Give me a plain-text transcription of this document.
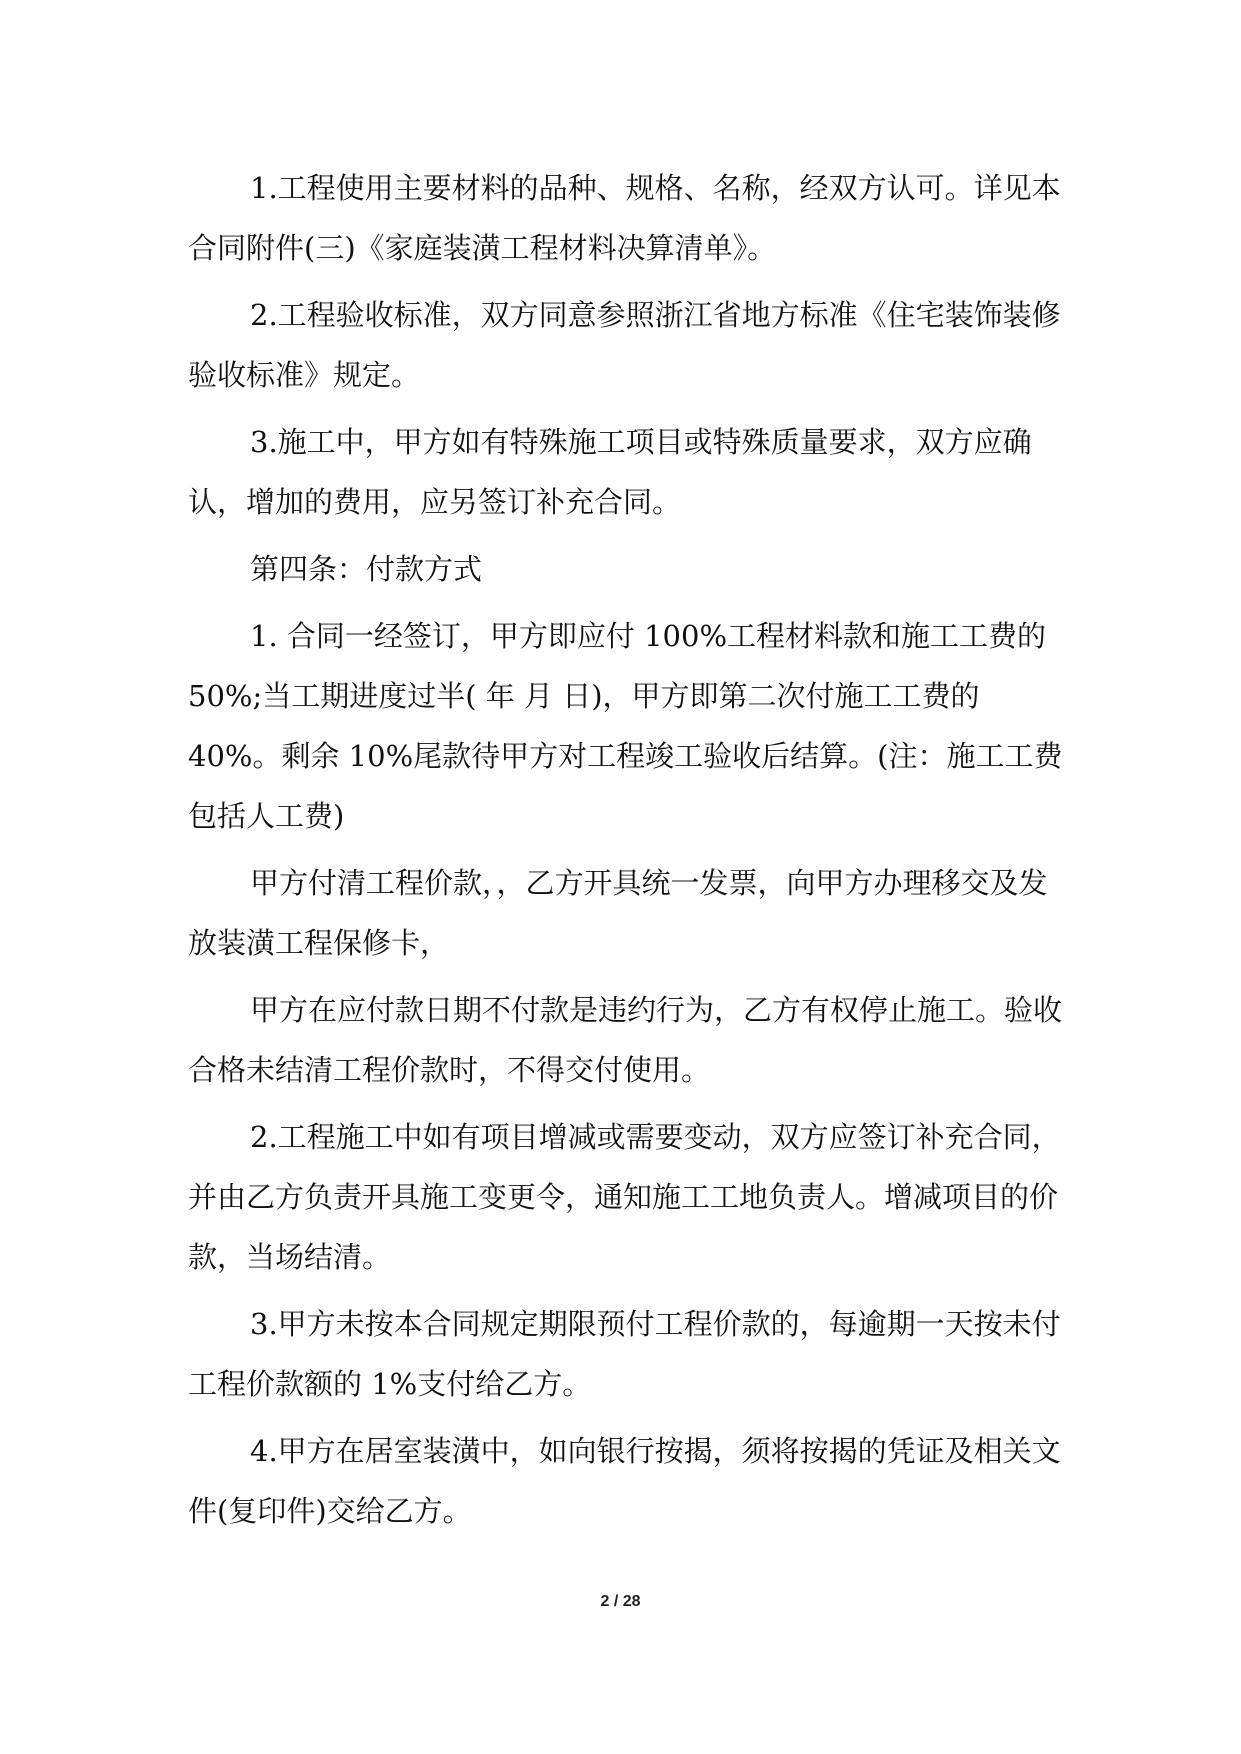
1.工程使用主要材料的品种、规格、名称，经双方认可。详见本合同附件(三)《家庭装潢工程材料决算清单》。

2.工程验收标准，双方同意参照浙江省地方标准《住宅装饰装修验收标准》规定。

3.施工中，甲方如有特殊施工项目或特殊质量要求，双方应确认，增加的费用，应另签订补充合同。

第四条：付款方式

1. 合同一经签订，甲方即应付 100%工程材料款和施工工费的 50%;当工期进度过半( 年 月 日)，甲方即第二次付施工工费的 40%。剩余 10%尾款待甲方对工程竣工验收后结算。(注：施工工费包括人工费)

甲方付清工程价款，，乙方开具统一发票，向甲方办理移交及发放装潢工程保修卡，

甲方在应付款日期不付款是违约行为，乙方有权停止施工。验收合格未结清工程价款时，不得交付使用。

2.工程施工中如有项目增减或需要变动，双方应签订补充合同，并由乙方负责开具施工变更令，通知施工工地负责人。增减项目的价款，当场结清。

3.甲方未按本合同规定期限预付工程价款的，每逾期一天按未付工程价款额的 1%支付给乙方。

4.甲方在居室装潢中，如向银行按揭，须将按揭的凭证及相关文件(复印件)交给乙方。

2 / 28
